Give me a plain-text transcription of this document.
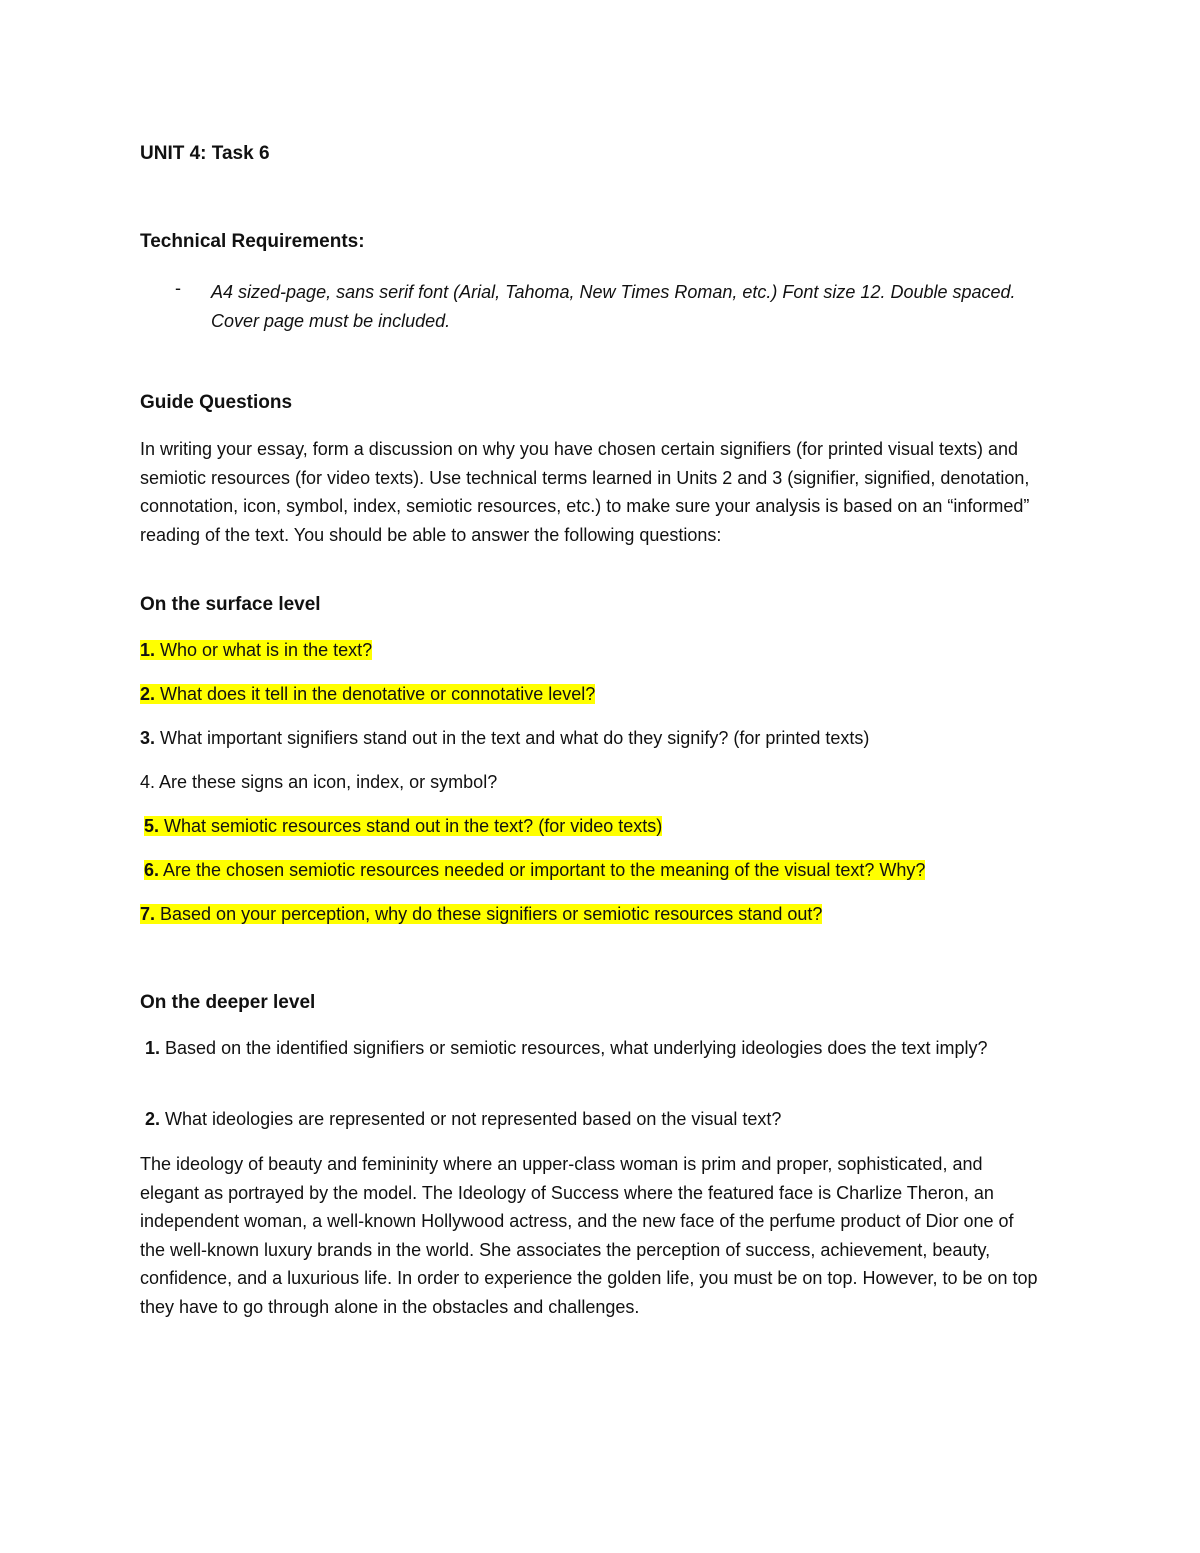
UNIT 4: Task 6
Technical Requirements:
- A4 sized-page, sans serif font (Arial, Tahoma, New Times Roman, etc.) Font size 12. Double spaced. Cover page must be included.
Guide Questions
In writing your essay, form a discussion on why you have chosen certain signifiers (for printed visual texts) and semiotic resources (for video texts). Use technical terms learned in Units 2 and 3 (signifier, signified, denotation, connotation, icon, symbol, index, semiotic resources, etc.) to make sure your analysis is based on an “informed” reading of the text. You should be able to answer the following questions:
On the surface level
1. Who or what is in the text?
2. What does it tell in the denotative or connotative level?
3. What important signifiers stand out in the text and what do they signify? (for printed texts)
4. Are these signs an icon, index, or symbol?
5. What semiotic resources stand out in the text? (for video texts)
6. Are the chosen semiotic resources needed or important to the meaning of the visual text? Why?
7. Based on your perception, why do these signifiers or semiotic resources stand out?
On the deeper level
1. Based on the identified signifiers or semiotic resources, what underlying ideologies does the text imply?
2. What ideologies are represented or not represented based on the visual text?
The ideology of beauty and femininity where an upper-class woman is prim and proper, sophisticated, and elegant as portrayed by the model. The Ideology of Success where the featured face is Charlize Theron, an independent woman, a well-known Hollywood actress, and the new face of the perfume product of Dior one of the well-known luxury brands in the world. She associates the perception of success, achievement, beauty, confidence, and a luxurious life. In order to experience the golden life, you must be on top. However, to be on top they have to go through alone in the obstacles and challenges.
